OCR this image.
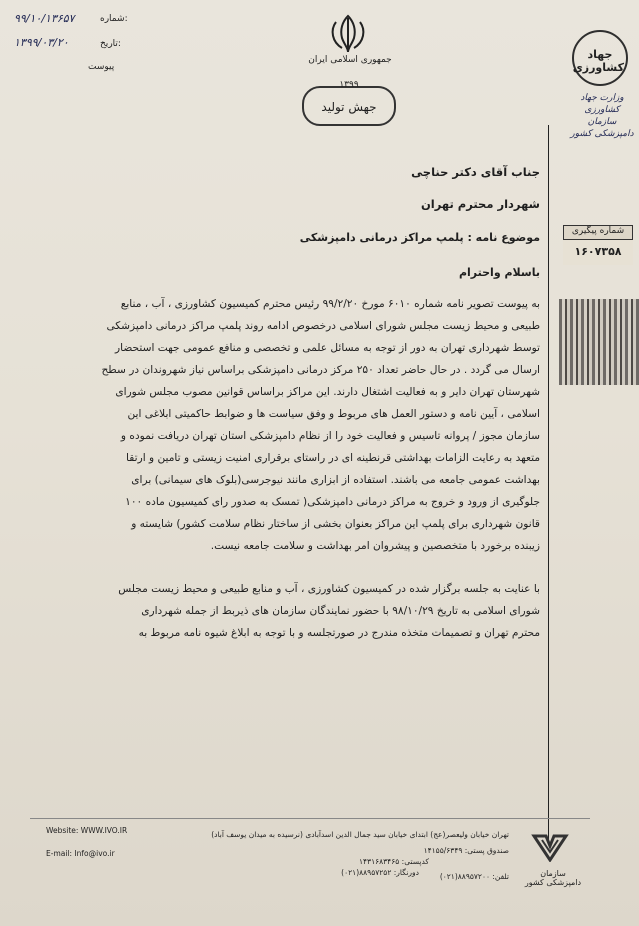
۹۹/۱۰/۱۳۶۵۷	شماره:
۱۳۹۹/۰۳/۲۰	تاریخ:
پیوست
جمهوری اسلامی ایران
۱۳۹۹
جهش تولید
جهاد کشاورزی
وزارت جهاد کشاورزی
سازمان دامپزشکی کشور
شماره پیگیری
۱۶۰۷۳۵۸
جناب آقای دکتر حناچی
شهردار محترم تهران
موضوع نامه : پلمپ مراکز درمانی دامپزشکی
باسلام واحترام
به پیوست تصویر نامه شماره ۶۰۱۰ مورخ ۹۹/۲/۲۰ رئیس محترم کمیسیون کشاورزی ، آب ، منابع
طبیعی و محیط زیست مجلس شورای اسلامی درخصوص ادامه روند پلمپ مراکز درمانی دامپزشکی
توسط شهرداری تهران به دور از توجه به مسائل علمی و تخصصی و منافع عمومی جهت استحضار
ارسال می گردد . در حال حاضر تعداد ۲۵۰ مرکز درمانی دامپزشکی براساس نیاز شهروندان در سطح
شهرستان تهران دایر و به فعالیت اشتغال دارند. این مراکز براساس قوانین مصوب مجلس شورای
اسلامی ، آیین نامه و دستور العمل های مربوط و وفق سیاست ها و ضوابط حاکمیتی ابلاغی این
سازمان مجوز / پروانه تاسیس و فعالیت خود را از نظام دامپزشکی استان تهران دریافت نموده و
متعهد به رعایت الزامات بهداشتی قرنطینه ای در راستای برقراری امنیت زیستی و تامین و ارتقا
بهداشت عمومی جامعه می باشند. استفاده از ابزاری مانند نیوجرسی(بلوک های سیمانی) برای
جلوگیری از ورود و خروج به مراکز درمانی دامپزشکی( تمسک به صدور رای کمیسیون ماده ۱۰۰
قانون شهرداری برای پلمپ این مراکز بعنوان بخشی از ساختار نظام سلامت کشور) شایسته و
زیبنده برخورد با متخصصین و پیشروان امر بهداشت و سلامت جامعه نیست.
با عنایت به جلسه برگزار شده در کمیسیون کشاورزی ، آب و منابع طبیعی و محیط زیست مجلس
شورای اسلامی به تاریخ ۹۸/۱۰/۲۹ با حضور نمایندگان سازمان های ذیربط از جمله شهرداری
محترم تهران و تصمیمات متخذه مندرج در صورتجلسه و با توجه به ابلاغ شیوه نامه مربوط به
Website: WWW.IVO.IR
E-mail: Info@ivo.ir
تهران خیابان ولیعصر(عج) ابتدای خیابان سید جمال الدین اسدآبادی (نرسیده به میدان یوسف آباد)
صندوق پستی: ۱۴۱۵۵/۶۳۴۹
کدپستی: ۱۴۳۱۶۸۳۴۶۵
تلفن: ۸۸۹۵۷۲۰۰(۰۲۱)
دورنگار: ۸۸۹۵۷۲۵۲(۰۲۱)	سازمان دامپزشکی کشور
